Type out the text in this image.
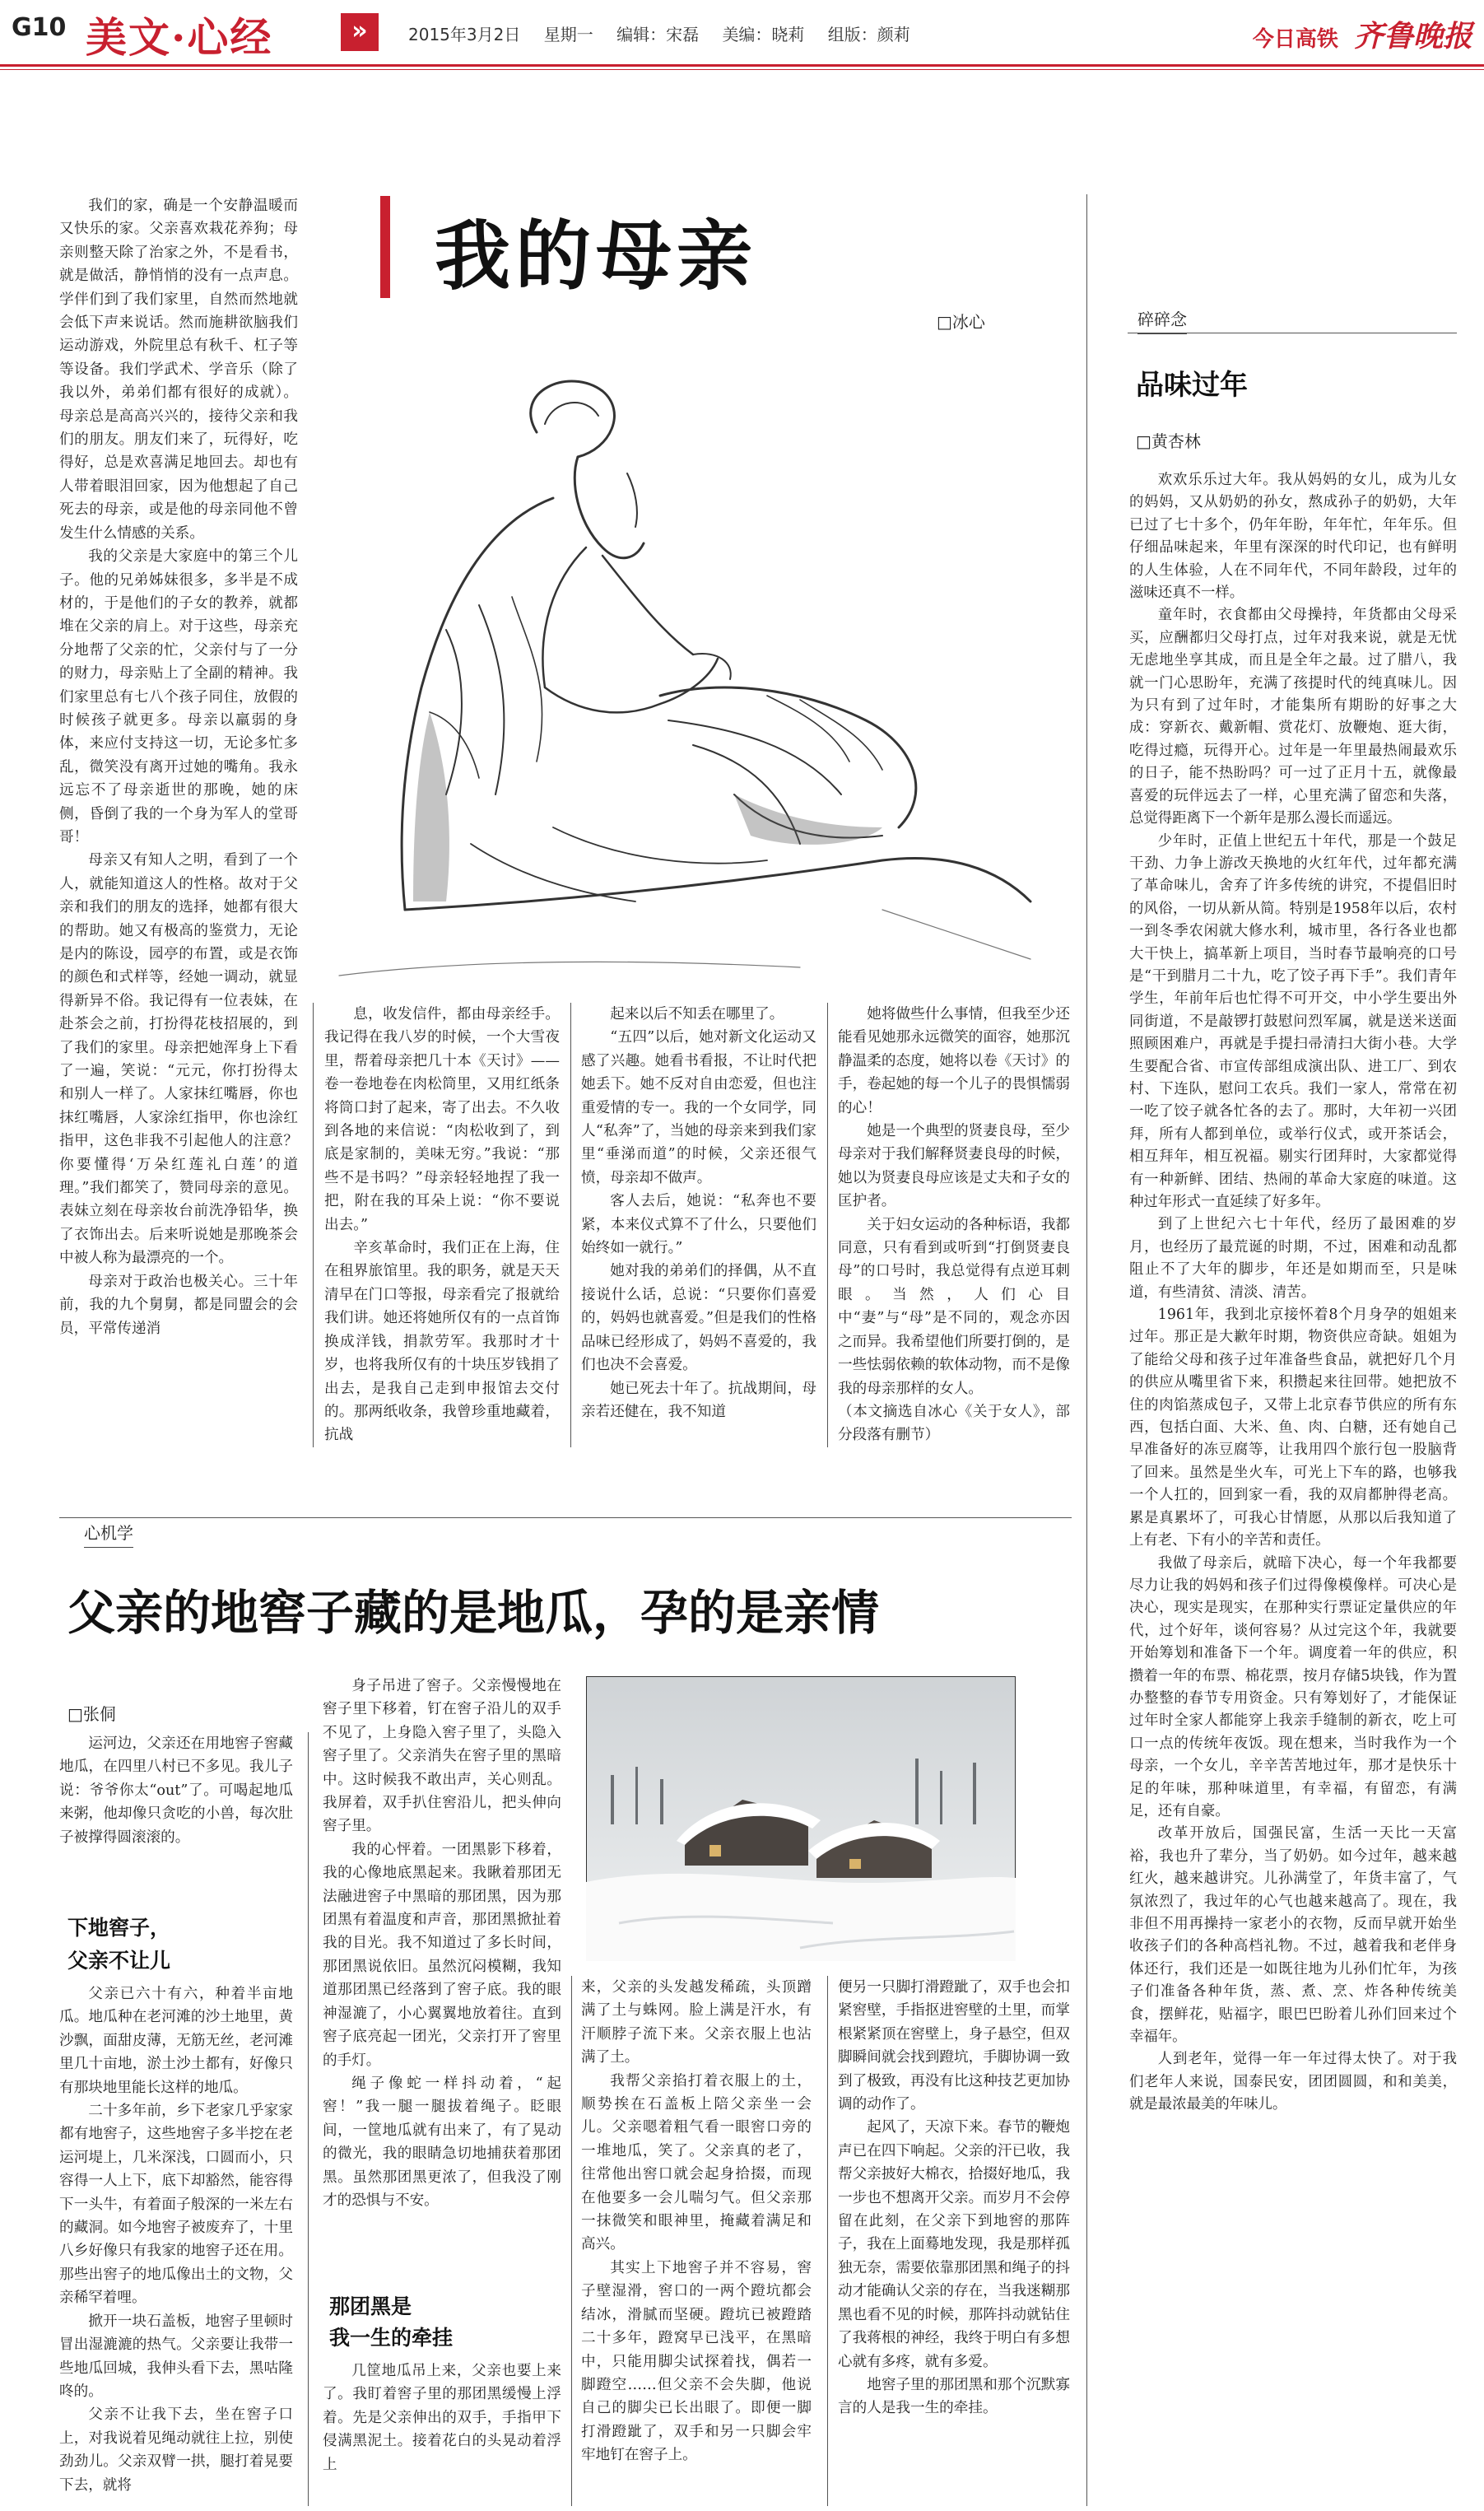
G10 美文·心经	»	2015年3月2日 星期一 编辑：宋磊 美编：晓莉 组版：颜莉	今日高铁 齐鲁晚报
我的母亲
□冰心

我们的家，确是一个安静温暖而又快乐的家。父亲喜欢栽花养狗；母亲则整天除了治家之外，不是看书，就是做活，静悄悄的没有一点声息。学伴们到了我们家里，自然而然地就会低下声来说话。然而施耕欲脑我们运动游戏，外院里总有秋千、杠子等等设备。我们学武术、学音乐（除了我以外，弟弟们都有很好的成就）。母亲总是高高兴兴的，接待父亲和我们的朋友。朋友们来了，玩得好，吃得好，总是欢喜满足地回去。却也有人带着眼泪回家，因为他想起了自己死去的母亲，或是他的母亲同他不曾发生什么情感的关系。

我的父亲是大家庭中的第三个儿子。他的兄弟姊妹很多，多半是不成材的，于是他们的子女的教养，就都堆在父亲的肩上。对于这些，母亲充分地帮了父亲的忙，父亲付与了一分的财力，母亲贴上了全副的精神。我们家里总有七八个孩子同住，放假的时候孩子就更多。母亲以羸弱的身体，来应付支持这一切，无论多忙多乱，微笑没有离开过她的嘴角。我永远忘不了母亲逝世的那晚，她的床侧，昏倒了我的一个身为军人的堂哥哥！

母亲又有知人之明，看到了一个人，就能知道这人的性格。故对于父亲和我们的朋友的选择，她都有很大的帮助。她又有极高的鉴赏力，无论是内的陈设，园亭的布置，或是衣饰的颜色和式样等，经她一调动，就显得新异不俗。我记得有一位表妹，在赴茶会之前，打扮得花枝招展的，到了我们的家里。母亲把她浑身上下看了一遍，笑说：“元元，你打扮得太和别人一样了。人家抹红嘴唇，你也抹红嘴唇，人家涂红指甲，你也涂红指甲，这色非我不引起他人的注意？你要懂得‘万朵红莲礼白莲’的道理。”我们都笑了，赞同母亲的意见。表妹立刻在母亲妆台前洗净铅华，换了衣饰出去。后来听说她是那晚茶会中被人称为最漂亮的一个。

母亲对于政治也极关心。三十年前，我的九个舅舅，都是同盟会的会员，平常传递消

息，收发信件，都由母亲经手。我记得在我八岁的时候，一个大雪夜里，帮着母亲把几十本《天讨》——卷一卷地卷在肉松筒里，又用红纸条将筒口封了起来，寄了出去。不久收到各地的来信说：“肉松收到了，到底是家制的，美味无穷。”我说：“那些不是书吗？”母亲轻轻地捏了我一把，附在我的耳朵上说：“你不要说出去。”

辛亥革命时，我们正在上海，住在租界旅馆里。我的职务，就是天天清早在门口等报，母亲看完了报就给我们讲。她还将她所仅有的一点首饰换成洋钱，捐款劳军。我那时才十岁，也将我所仅有的十块压岁钱捐了出去，是我自己走到申报馆去交付的。那两纸收条，我曾珍重地藏着，抗战

起来以后不知丢在哪里了。

“五四”以后，她对新文化运动又感了兴趣。她看书看报，不让时代把她丢下。她不反对自由恋爱，但也注重爱情的专一。我的一个女同学，同人“私奔”了，当她的母亲来到我们家里“垂涕而道”的时候，父亲还很气愤，母亲却不做声。

客人去后，她说：“私奔也不要紧，本来仪式算不了什么，只要他们始终如一就行。”

她对我的弟弟们的择偶，从不直接说什么话，总说：“只要你们喜爱的，妈妈也就喜爱。”但是我们的性格品味已经形成了，妈妈不喜爱的，我们也决不会喜爱。

她已死去十年了。抗战期间，母亲若还健在，我不知道

她将做些什么事情，但我至少还能看见她那永远微笑的面容，她那沉静温柔的态度，她将以卷《天讨》的手，卷起她的每一个儿子的畏惧懦弱的心！

她是一个典型的贤妻良母，至少母亲对于我们解释贤妻良母的时候，她以为贤妻良母应该是丈夫和子女的匡护者。

关于妇女运动的各种标语，我都同意，只有看到或听到“打倒贤妻良母”的口号时，我总觉得有点逆耳刺眼。当然，人们心目中“妻”与“母”是不同的，观念亦因之而异。我希望他们所要打倒的，是一些怯弱依赖的软体动物，而不是像我的母亲那样的女人。

（本文摘选自冰心《关于女人》，部分段落有删节）

心机学
父亲的地窖子藏的是地瓜，孕的是亲情
□张侗

运河边，父亲还在用地窖子窖藏地瓜，在四里八村已不多见。我儿子说：爷爷你太“out”了。可喝起地瓜来粥，他却像只贪吃的小兽，每次肚子被撑得圆滚滚的。

下地窖子，
父亲不让儿

父亲已六十有六，种着半亩地瓜。地瓜种在老河滩的沙土地里，黄沙飘，面甜皮薄，无筋无丝，老河滩里几十亩地，淤土沙土都有，好像只有那块地里能长这样的地瓜。

二十多年前，乡下老家几乎家家都有地窖子，这些地窖子多半挖在老运河堤上，几米深浅，口圆而小，只容得一人上下，底下却豁然，能容得下一头牛，有着面子般深的一米左右的藏洞。如今地窖子被废弃了，十里八乡好像只有我家的地窖子还在用。那些出窖子的地瓜像出土的文物，父亲稀罕着哩。

掀开一块石盖板，地窖子里顿时冒出湿漉漉的热气。父亲要让我带一些地瓜回城，我伸头看下去，黑咕隆咚的。

父亲不让我下去，坐在窖子口上，对我说着见绳动就往上拉，别使劲劲儿。父亲双臂一拱，腿打着晃要下去，就将

身子吊进了窖子。父亲慢慢地在窖子里下移着，钉在窖子沿儿的双手不见了，上身隐入窖子里了，头隐入窖子里了。父亲消失在窖子里的黑暗中。这时候我不敢出声，关心则乱。我屏着，双手扒住窖沿儿，把头伸向窖子里。

我的心怦着。一团黑影下移着，我的心像地底黑起来。我瞅着那团无法融进窖子中黑暗的那团黑，因为那团黑有着温度和声音，那团黑掀扯着我的目光。我不知道过了多长时间，那团黑说依旧。虽然沉闷模糊，我知道那团黑已经落到了窖子底。我的眼神湿漉了，小心翼翼地放着往。直到窖子底亮起一团光，父亲打开了窖里的手灯。

绳子像蛇一样抖动着，“起窖！”我一腿一腿拔着绳子。眨眼间，一筐地瓜就有出来了，有了晃动的微光，我的眼睛急切地捕获着那团黑。虽然那团黑更浓了，但我没了刚才的恐惧与不安。

那团黑是
我一生的牵挂

几筐地瓜吊上来，父亲也要上来了。我盯着窖子里的那团黑缓慢上浮着。先是父亲伸出的双手，手指甲下侵满黑泥土。接着花白的头晃动着浮上

来，父亲的头发越发稀疏，头顶蹭满了土与蛛网。脸上满是汗水，有汗顺脖子流下来。父亲衣服上也沾满了土。

我帮父亲掐打着衣服上的土，顺势挨在石盖板上陪父亲坐一会儿。父亲嗯着粗气看一眼窖口旁的一堆地瓜，笑了。父亲真的老了，往常他出窖口就会起身拾掇，而现在他要多一会儿喘匀气。但父亲那一抹微笑和眼神里，掩藏着满足和高兴。

其实上下地窖子并不容易，窖子壁湿滑，窖口的一两个蹬坑都会结冰，滑腻而坚硬。蹬坑已被蹬踏二十多年，蹬窝早已浅平，在黑暗中，只能用脚尖试探着找，偶若一脚蹬空……但父亲不会失脚，他说自己的脚尖已长出眼了。即便一脚打滑蹬跐了，双手和另一只脚会牢牢地钉在窖子上。

便另一只脚打滑蹬跐了，双手也会扣紧窖壁，手指抠进窖壁的土里，而掌根紧紧顶在窖壁上，身子悬空，但双脚瞬间就会找到蹬坑，手脚协调一致到了极致，再没有比这种技艺更加协调的动作了。

起风了，天凉下来。春节的鞭炮声已在四下响起。父亲的汗已收，我帮父亲披好大棉衣，拾掇好地瓜，我一步也不想离开父亲。而岁月不会停留在此刻，在父亲下到地窖的那阵子，我在上面蓦地发现，我是那样孤独无奈，需要依靠那团黑和绳子的抖动才能确认父亲的存在，当我迷糊那黑也看不见的时候，那阵抖动就钻住了我蒋根的神经，我终于明白有多想心就有多疼，就有多爱。

地窖子里的那团黑和那个沉默寡言的人是我一生的牵挂。

碎碎念
品味过年
□黄杏林

欢欢乐乐过大年。我从妈妈的女儿，成为儿女的妈妈，又从奶奶的孙女，熬成孙子的奶奶，大年已过了七十多个，仍年年盼，年年忙，年年乐。但仔细品味起来，年里有深深的时代印记，也有鲜明的人生体验，人在不同年代，不同年龄段，过年的滋味还真不一样。

童年时，衣食都由父母操持，年货都由父母采买，应酬都归父母打点，过年对我来说，就是无忧无虑地坐享其成，而且是全年之最。过了腊八，我就一门心思盼年，充满了孩提时代的纯真味儿。因为只有到了过年时，才能集所有期盼的好事之大成：穿新衣、戴新帽、赏花灯、放鞭炮、逛大街，吃得过瘾，玩得开心。过年是一年里最热闹最欢乐的日子，能不热盼吗？可一过了正月十五，就像最喜爱的玩伴远去了一样，心里充满了留恋和失落，总觉得距离下一个新年是那么漫长而遥远。

少年时，正值上世纪五十年代，那是一个鼓足干劲、力争上游改天换地的火红年代，过年都充满了革命味儿，舍弃了许多传统的讲究，不提倡旧时的风俗，一切从新从简。特别是1958年以后，农村一到冬季农闲就大修水利，城市里，各行各业也都大干快上，搞革新上项目，当时春节最响亮的口号是“干到腊月二十九，吃了饺子再下手”。我们青年学生，年前年后也忙得不可开交，中小学生要出外同街道，不是敲锣打鼓慰问烈军属，就是送米送面照顾困难户，再就是手提扫帚清扫大街小巷。大学生要配合省、市宣传部组成演出队、进工厂、到农村、下连队，慰问工农兵。我们一家人，常常在初一吃了饺子就各忙各的去了。那时，大年初一兴团拜，所有人都到单位，或举行仪式，或开茶话会，相互拜年，相互祝福。剔实行团拜时，大家都觉得有一种新鲜、团结、热闹的革命大家庭的味道。这种过年形式一直延续了好多年。

到了上世纪六七十年代，经历了最困难的岁月，也经历了最荒诞的时期，不过，困难和动乱都阻止不了大年的脚步，年还是如期而至，只是味道，有些清贫、清淡、清苦。

1961年，我到北京接怀着8个月身孕的姐姐来过年。那正是大歉年时期，物资供应奇缺。姐姐为了能给父母和孩子过年准备些食品，就把好几个月的供应从嘴里省下来，积攒起来往回带。她把放不住的肉馅蒸成包子，又带上北京春节供应的所有东西，包括白面、大米、鱼、肉、白糖，还有她自己早准备好的冻豆腐等，让我用四个旅行包一股脑背了回来。虽然是坐火车，可光上下车的路，也够我一个人扛的，回到家一看，我的双肩都肿得老高。累是真累坏了，可我心甘情愿，从那以后我知道了上有老、下有小的辛苦和责任。

我做了母亲后，就暗下决心，每一个年我都要尽力让我的妈妈和孩子们过得像模像样。可决心是决心，现实是现实，在那种实行票证定量供应的年代，过个好年，谈何容易？从过完这个年，我就要开始筹划和准备下一个年。调度着一年的供应，积攒着一年的布票、棉花票，按月存储5块钱，作为置办整整的春节专用资金。只有筹划好了，才能保证过年时全家人都能穿上我亲手缝制的新衣，吃上可口一点的传统年夜饭。现在想来，当时我作为一个母亲，一个女儿，辛辛苦苦地过年，那才是快乐十足的年味，那种味道里，有幸福，有留恋，有满足，还有自豪。

改革开放后，国强民富，生活一天比一天富裕，我也升了辈分，当了奶奶。如今过年，越来越红火，越来越讲究。儿孙满堂了，年货丰富了，气氛浓烈了，我过年的心气也越来越高了。现在，我非但不用再操持一家老小的衣物，反而早就开始坐收孩子们的各种高档礼物。不过，越着我和老伴身体还行，我们还是一如既往地为儿孙们忙年，为孩子们准备各种年货，蒸、煮、烹、炸各种传统美食，摆鲜花，贴福字，眼巴巴盼着儿孙们回来过个幸福年。

人到老年，觉得一年一年过得太快了。对于我们老年人来说，国泰民安，团团圆圆，和和美美，就是最浓最美的年味儿。
